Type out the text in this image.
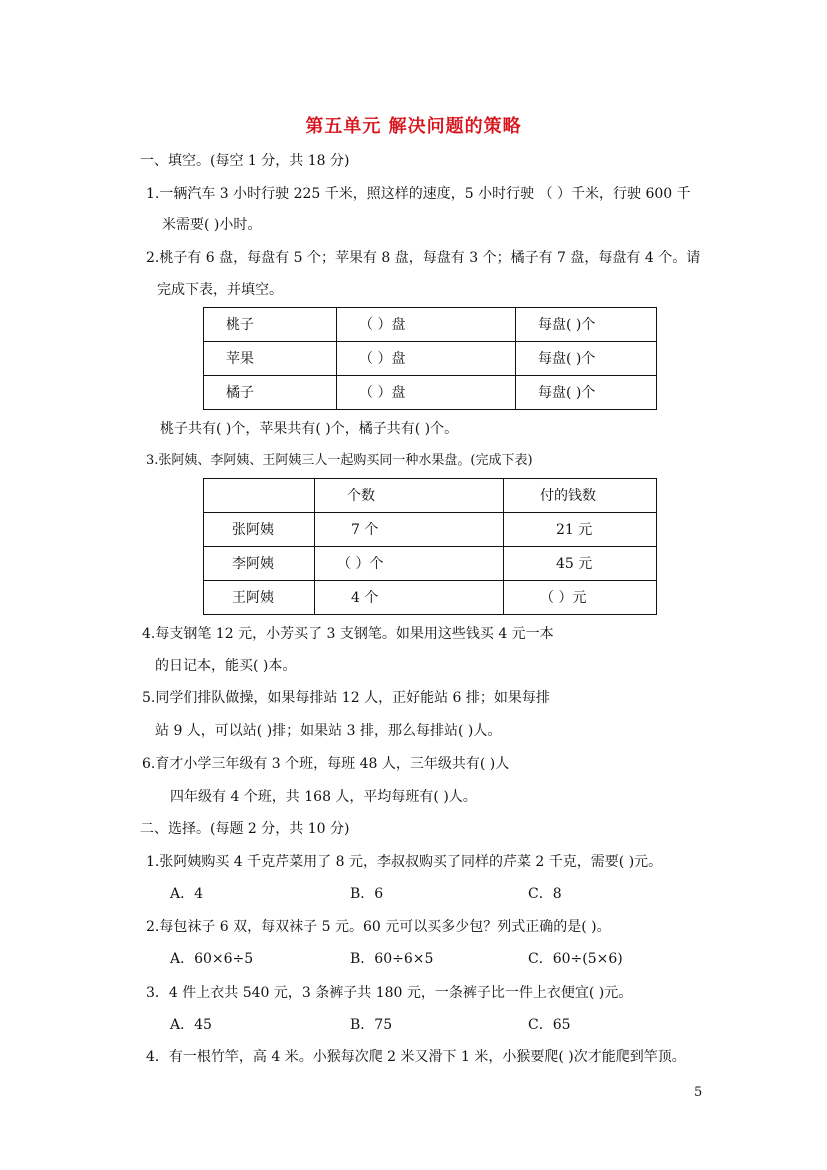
第五单元 解决问题的策略
一、填空。(每空 1 分，共 18 分)
1.一辆汽车 3 小时行驶 225 千米，照这样的速度，5 小时行驶 （ ）千米，行驶 600 千
米需要( )小时。
2.桃子有 6 盘，每盘有 5 个；苹果有 8 盘，每盘有 3 个；橘子有 7 盘，每盘有 4 个。请
完成下表，并填空。
桃子	（ ）盘	每盘( )个
苹果	（ ）盘	每盘( )个
橘子	（ ）盘	每盘( )个
桃子共有( )个，苹果共有( )个，橘子共有( )个。
3.张阿姨、李阿姨、王阿姨三人一起购买同一种水果盘。(完成下表)
	个数	付的钱数
张阿姨	7 个	21 元
李阿姨	（ ）个	45 元
王阿姨	4 个	（ ）元
4.每支钢笔 12 元，小芳买了 3 支钢笔。如果用这些钱买 4 元一本
的日记本，能买( )本。
5.同学们排队做操，如果每排站 12 人，正好能站 6 排；如果每排
站 9 人，可以站( )排；如果站 3 排，那么每排站( )人。
6.育才小学三年级有 3 个班，每班 48 人，三年级共有( )人
四年级有 4 个班，共 168 人，平均每班有( )人。
二、选择。(每题 2 分，共 10 分)
1.张阿姨购买 4 千克芹菜用了 8 元，李叔叔购买了同样的芹菜 2 千克，需要( )元。
A．4	B．6	C．8
2.每包袜子 6 双，每双袜子 5 元。60 元可以买多少包？列式正确的是( )。
A．60×6÷5	B．60÷6×5	C．60÷(5×6)
3．4 件上衣共 540 元，3 条裤子共 180 元，一条裤子比一件上衣便宜( )元。
A．45	B．75	C．65
4．有一根竹竿，高 4 米。小猴每次爬 2 米又滑下 1 米，小猴要爬( )次才能爬到竿顶。
5
